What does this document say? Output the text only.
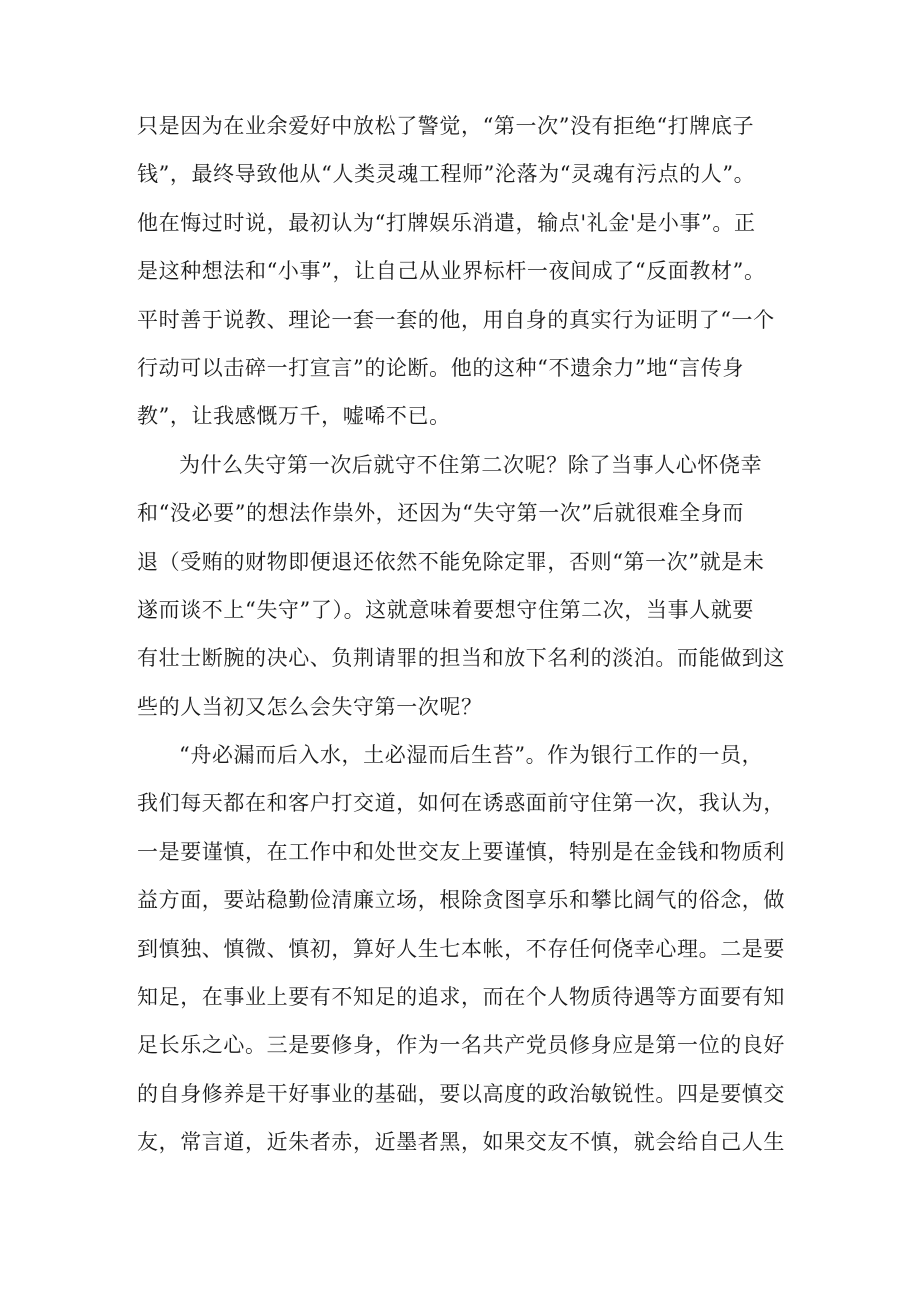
只是因为在业余爱好中放松了警觉，“第一次”没有拒绝“打牌底子
钱”，最终导致他从“人类灵魂工程师”沦落为“灵魂有污点的人”。
他在悔过时说，最初认为“打牌娱乐消遣，输点'礼金'是小事”。正
是这种想法和“小事”，让自己从业界标杆一夜间成了“反面教材”。
平时善于说教、理论一套一套的他，用自身的真实行为证明了“一个
行动可以击碎一打宣言”的论断。他的这种“不遗余力”地“言传身
教”，让我感慨万千，嘘唏不已。
为什么失守第一次后就守不住第二次呢？除了当事人心怀侥幸
和“没必要”的想法作祟外，还因为“失守第一次”后就很难全身而
退（受贿的财物即便退还依然不能免除定罪，否则“第一次”就是未
遂而谈不上“失守”了）。这就意味着要想守住第二次，当事人就要
有壮士断腕的决心、负荆请罪的担当和放下名利的淡泊。而能做到这
些的人当初又怎么会失守第一次呢？
“舟必漏而后入水，土必湿而后生苔”。作为银行工作的一员，
我们每天都在和客户打交道，如何在诱惑面前守住第一次，我认为，
一是要谨慎，在工作中和处世交友上要谨慎，特别是在金钱和物质利
益方面，要站稳勤俭清廉立场，根除贪图享乐和攀比阔气的俗念，做
到慎独、慎微、慎初，算好人生七本帐，不存任何侥幸心理。二是要
知足，在事业上要有不知足的追求，而在个人物质待遇等方面要有知
足长乐之心。三是要修身，作为一名共产党员修身应是第一位的良好
的自身修养是干好事业的基础，要以高度的政治敏锐性。四是要慎交
友，常言道，近朱者赤，近墨者黑，如果交友不慎，就会给自己人生
